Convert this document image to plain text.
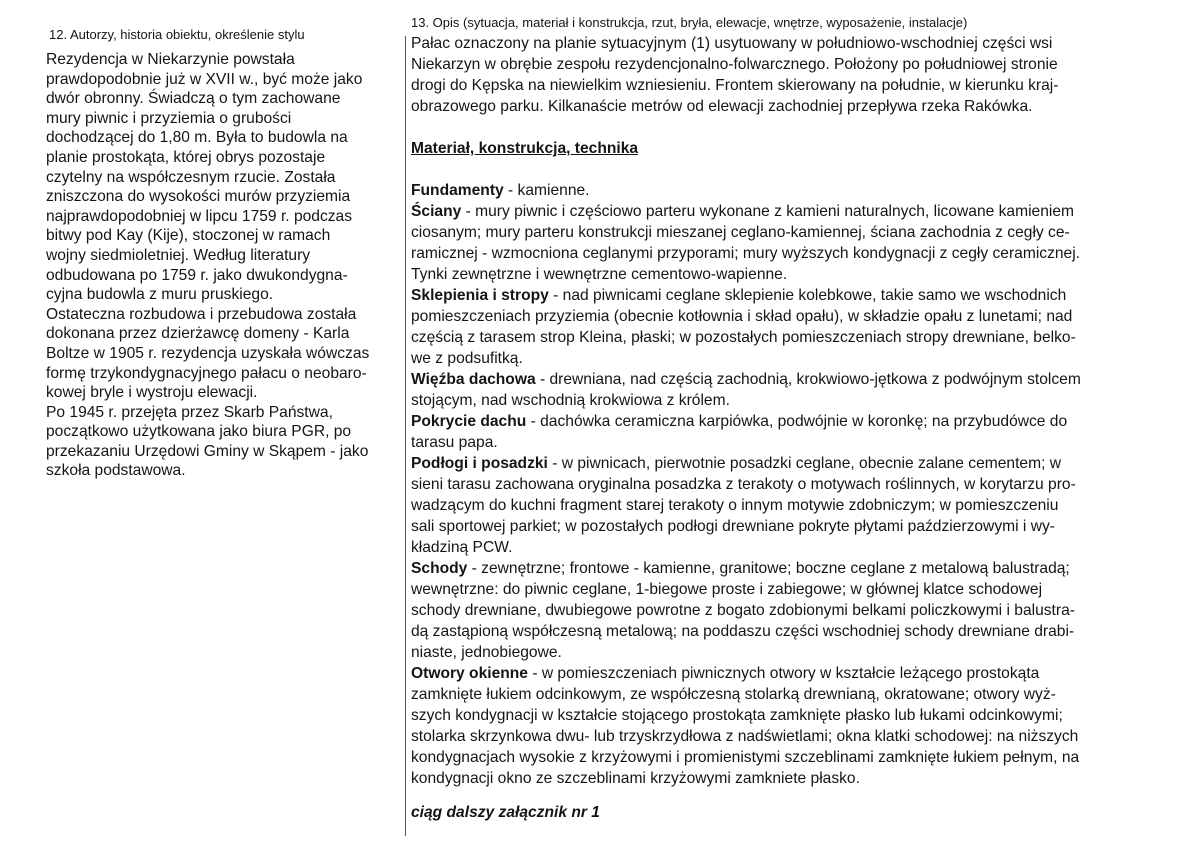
12. Autorzy, historia obiektu, określenie stylu
Rezydencja w Niekarzynie powstała
prawdopodobnie już w XVII w., być może jako
dwór obronny. Świadczą o tym zachowane
mury piwnic i przyziemia o grubości
dochodzącej do 1,80 m. Była to budowla na
planie prostokąta, której obrys pozostaje
czytelny na współczesnym rzucie. Została
zniszczona do wysokości murów przyziemia
najprawdopodobniej w lipcu 1759 r. podczas
bitwy pod Kay (Kije), stoczonej w ramach
wojny siedmioletniej. Według literatury
odbudowana po 1759 r. jako dwukondygna-
cyjna budowla z muru pruskiego.
Ostateczna rozbudowa i przebudowa została
dokonana przez dzierżawcę domeny - Karla
Boltze w 1905 r. rezydencja uzyskała wówczas
formę trzykondygnacyjnego pałacu o neobaro-
kowej bryle i wystroju elewacji.
Po 1945 r. przejęta przez Skarb Państwa,
początkowo użytkowana jako biura PGR, po
przekazaniu Urzędowi Gminy w Skąpem - jako
szkoła podstawowa.
13. Opis (sytuacja, materiał i konstrukcja, rzut, bryła, elewacje, wnętrze, wyposażenie, instalacje)
Pałac oznaczony na planie sytuacyjnym (1) usytuowany w południowo-wschodniej części wsi
Niekarzyn w obrębie zespołu rezydencjonalno-folwarcznego. Położony po południowej stronie
drogi do Kępska na niewielkim wzniesieniu. Frontem skierowany na południe, w kierunku kraj-
obrazowego parku. Kilkanaście metrów od elewacji zachodniej przepływa rzeka Rakówka.
Materiał, konstrukcja, technika
Fundamenty - kamienne.
Ściany - mury piwnic i częściowo parteru wykonane z kamieni naturalnych, licowane kamieniem
ciosanym; mury parteru konstrukcji mieszanej ceglano-kamiennej, ściana zachodnia z cegły ce-
ramicznej - wzmocniona ceglanymi przyporami; mury wyższych kondygnacji z cegły ceramicznej.
Tynki zewnętrzne i wewnętrzne cementowo-wapienne.
Sklepienia i stropy - nad piwnicami ceglane sklepienie kolebkowe, takie samo we wschodnich
pomieszczeniach przyziemia (obecnie kotłownia i skład opału), w składzie opału z lunetami; nad
częścią z tarasem strop Kleina, płaski; w pozostałych pomieszczeniach stropy drewniane, belko-
we z podsufitką.
Więźba dachowa - drewniana, nad częścią zachodnią, krokwiowo-jętkowa z podwójnym stolcem
stojącym, nad wschodnią krokwiowa z królem.
Pokrycie dachu - dachówka ceramiczna karpiówka, podwójnie w koronkę; na przybudówce do
tarasu papa.
Podłogi i posadzki - w piwnicach, pierwotnie posadzki ceglane, obecnie zalane cementem; w
sieni tarasu zachowana oryginalna posadzka z terakoty o motywach roślinnych, w korytarzu pro-
wadzącym do kuchni fragment starej terakoty o innym motywie zdobniczym; w pomieszczeniu
sali sportowej parkiet; w pozostałych podłogi drewniane pokryte płytami paździerzowymi i wy-
kładziną PCW.
Schody - zewnętrzne; frontowe - kamienne, granitowe; boczne ceglane z metalową balustradą;
wewnętrzne: do piwnic ceglane, 1-biegowe proste i zabiegowe; w głównej klatce schodowej
schody drewniane, dwubiegowe powrotne z bogato zdobionymi belkami policzkowymi i balustra-
dą zastąpioną współczesną metalową; na poddaszu części wschodniej schody drewniane drabi-
niaste, jednobiegowe.
Otwory okienne - w pomieszczeniach piwnicznych otwory w kształcie leżącego prostokąta
zamknięte łukiem odcinkowym, ze współczesną stolarką drewnianą, okratowane; otwory wyż-
szych kondygnacji w kształcie stojącego prostokąta zamknięte płasko lub łukami odcinkowymi;
stolarka skrzynkowa dwu- lub trzyskrzydłowa z nadświetlami; okna klatki schodowej: na niższych
kondygnacjach wysokie z krzyżowymi i promienistymi szczeblinami zamknięte łukiem pełnym, na
kondygnacji okno ze szczeblinami krzyżowymi zamkniete płasko.
ciąg dalszy załącznik nr 1
